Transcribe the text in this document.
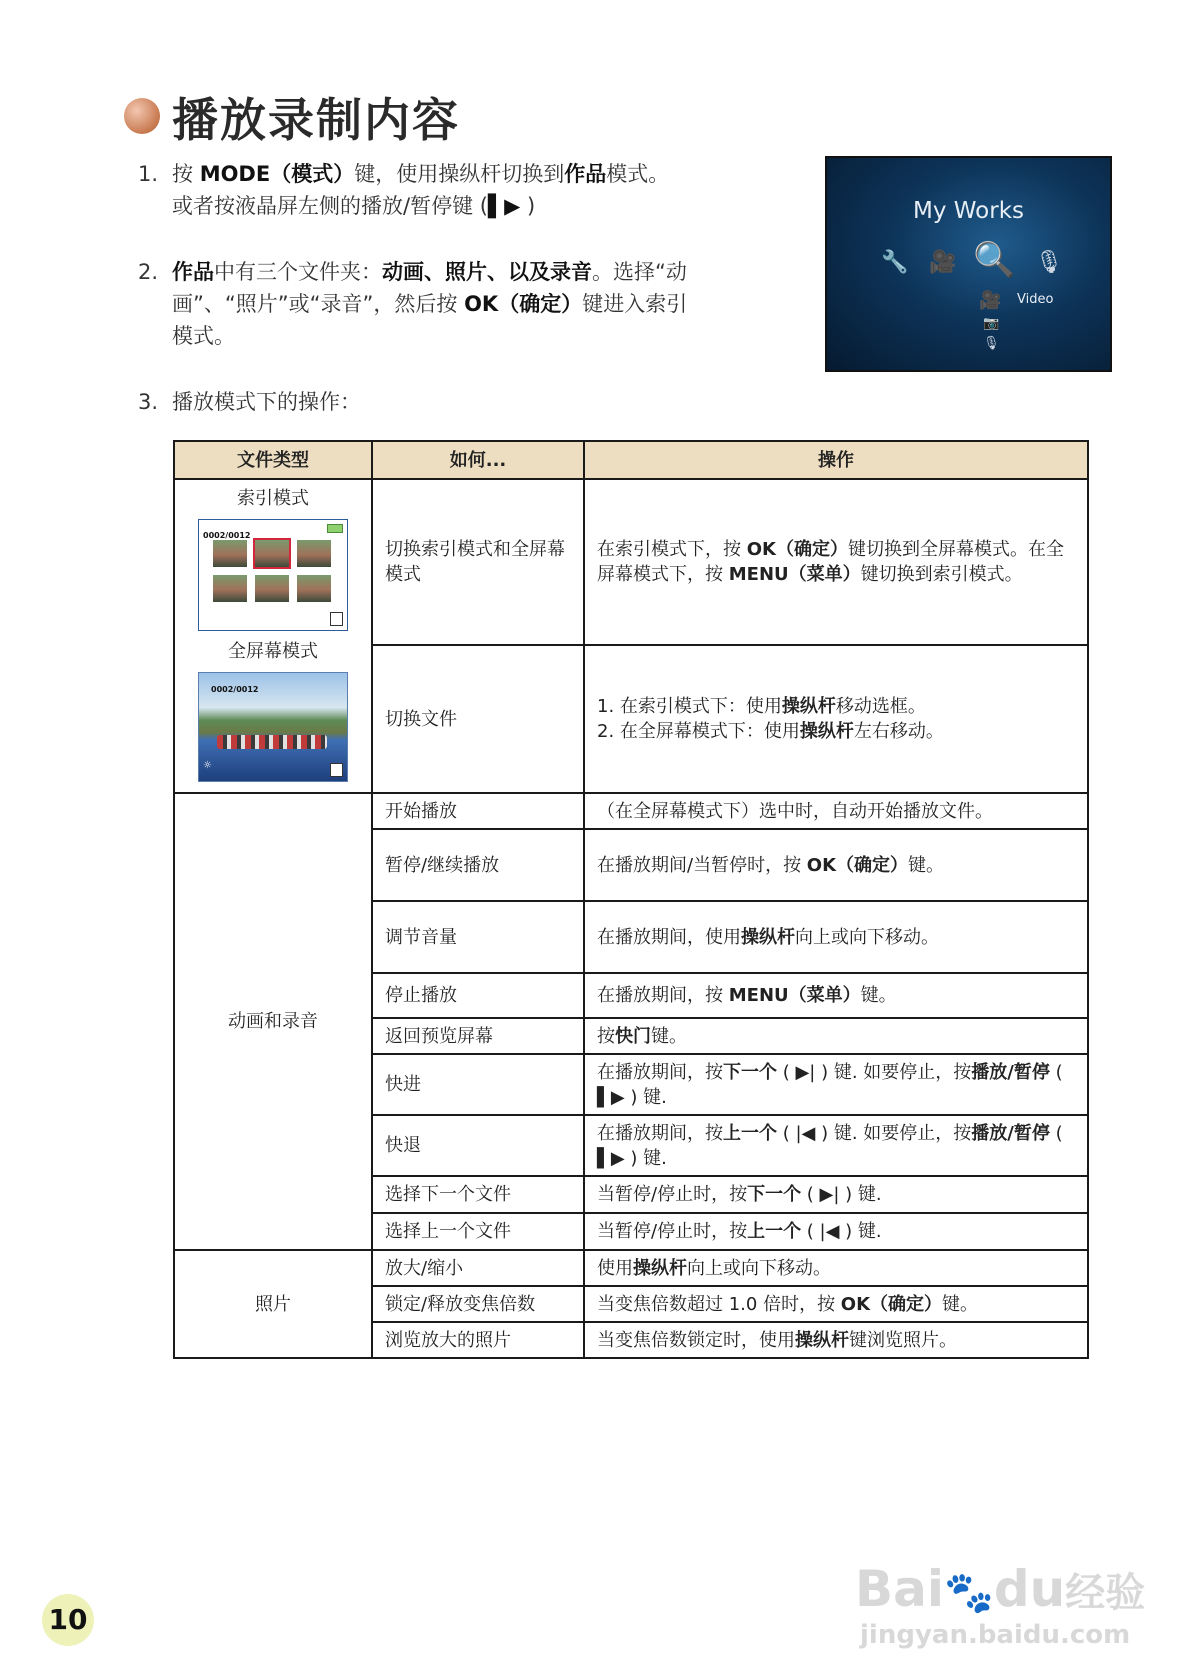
播放录制内容
1. 按 MODE（模式）键，使用操纵杆切换到作品模式。
或者按液晶屏左侧的播放/暂停键 (▌▶ )
2. 作品中有三个文件夹：动画、照片、以及录音。选择“动
画”、“照片”或“录音”，然后按 OK（确定）键进入索引
模式。
3. 播放模式下的操作：
My Works
🔧 🎥 🔍 🎙
🎥 Video
📷
🎙
文件类型	如何...	操作

索引模式
0002/0012
全屏幕模式
0002/0012
☼	切换索引模式和全屏幕模式	在索引模式下，按 OK（确定）键切换到全屏幕模式。在全屏幕模式下，按 MENU（菜单）键切换到索引模式。
	切换文件	1. 在索引模式下：使用操纵杆移动选框。
2. 在全屏幕模式下：使用操纵杆左右移动。

动画和录音	开始播放	（在全屏幕模式下）选中时，自动开始播放文件。
	暂停/继续播放	在播放期间/当暂停时，按 OK（确定）键。
	调节音量	在播放期间，使用操纵杆向上或向下移动。
	停止播放	在播放期间，按 MENU（菜单）键。
	返回预览屏幕	按快门键。
	快进	在播放期间，按下一个 ( ▶| ) 键. 如要停止，按播放/暂停 ( ▌▶ ) 键.
	快退	在播放期间，按上一个 ( |◀ ) 键. 如要停止，按播放/暂停 ( ▌▶ ) 键.
	选择下一个文件	当暂停/停止时，按下一个 ( ▶| ) 键.
	选择上一个文件	当暂停/停止时，按上一个 ( |◀ ) 键.
照片	放大/缩小	使用操纵杆向上或向下移动。
	锁定/释放变焦倍数	当变焦倍数超过 1.0 倍时，按 OK（确定）键。
	浏览放大的照片	当变焦倍数锁定时，使用操纵杆键浏览照片。
10
Bai🐾du经验
jingyan.baidu.com
